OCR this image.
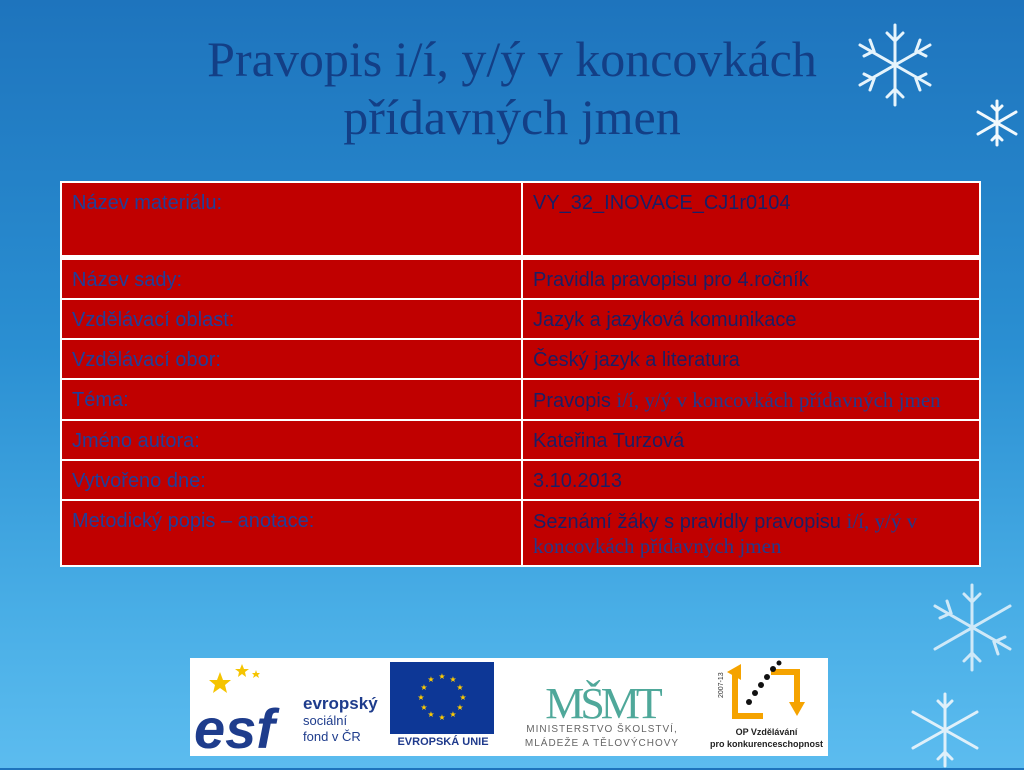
Pravopis i/í, y/ý v koncovkách
přídavných jmen
Název materiálu:	VY_32_INOVACE_CJ1r0104
Název sady:	Pravidla pravopisu pro 4.ročník
Vzdělávací oblast:	Jazyk a jazyková komunikace
Vzdělávací obor:	Český jazyk a literatura
Téma:	Pravopis i/í, y/ý v koncovkách přídavných jmen
Jméno autora:	Kateřina Turzová
Vytvořeno dne:	3.10.2013
Metodický popis – anotace:	Seznámí žáky s pravidly pravopisu i/í, y/ý v koncovkách přídavných jmen
esf	evropský
sociální
fond v ČR
★ ★
★
★
★
★
★
★
★
★
★
★
EVROPSKÁ UNIE
MŠMT
MINISTERSTVO ŠKOLSTVÍ,
MLÁDEŽE A TĚLOVÝCHOVY
2007-13
OP Vzdělávání
pro konkurenceschopnost
